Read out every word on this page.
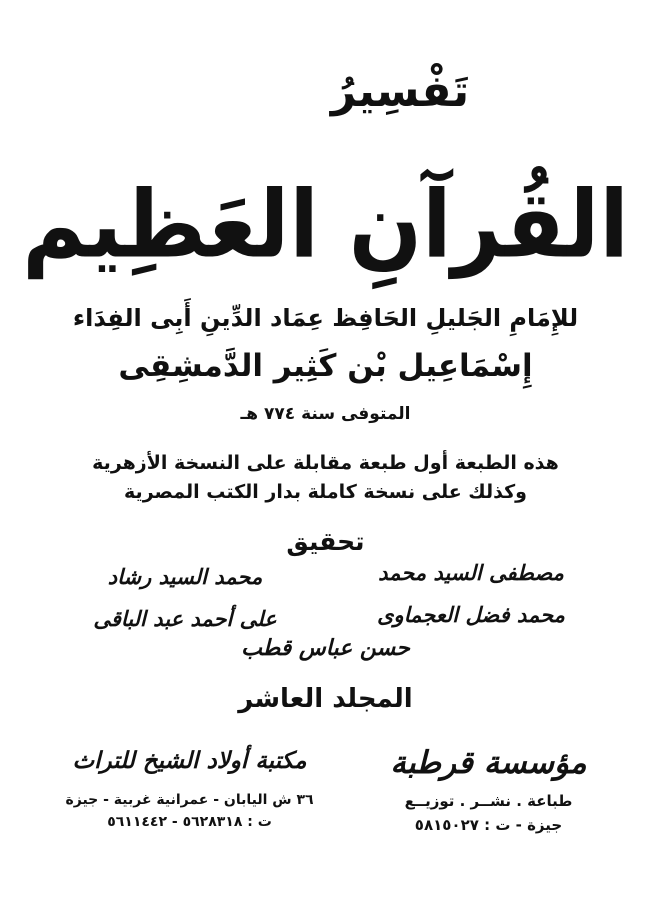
تَفْسِيرُ
القُرآنِ العَظِيم
للإِمَامِ الجَليلِ الحَافِظ عِمَاد الدِّينِ أَبِى الفِدَاء
إِسْمَاعِيل بْن كَثِير الدَّمشِقِى
المتوفى سنة ٧٧٤ هـ
هذه الطبعة أول طبعة مقابلة على النسخة الأزهرية
وكذلك على نسخة كاملة بدار الكتب المصرية
تحقيق
مصطفى السيد محمد
محمد فضل العجماوى
محمد السيد رشاد
على أحمد عبد الباقى
حسن عباس قطب
المجلد العاشر
مؤسسة قرطبة
طباعة . نشــر . توزيــع
جيزة - ت : ٥٨١٥٠٢٧
مكتبة أولاد الشيخ للتراث
٣٦ ش اليابان - عمرانية غربية - جيزة
ت : ٥٦٢٨٣١٨ - ٥٦١١٤٤٢
